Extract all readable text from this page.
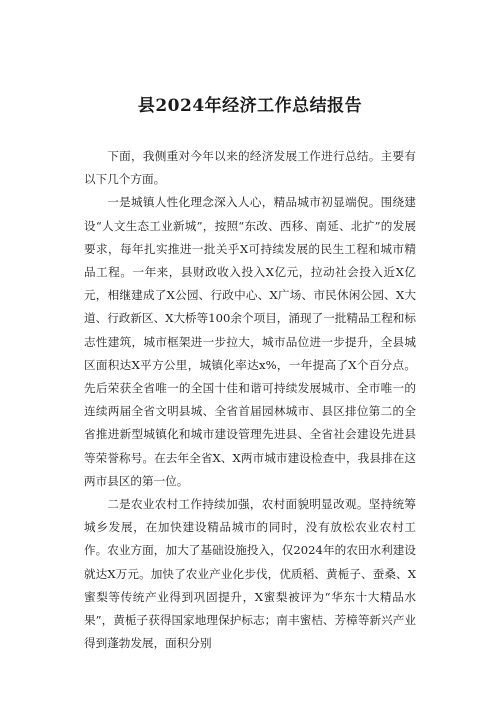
县2024年经济工作总结报告

下面，我侧重对今年以来的经济发展工作进行总结。主要有以下几个方面。

一是城镇人性化理念深入人心，精品城市初显端倪。围绕建设“人文生态工业新城”，按照“东改、西移、南延、北扩”的发展要求，每年扎实推进一批关乎X可持续发展的民生工程和城市精品工程。一年来，县财政收入投入X亿元，拉动社会投入近X亿元，相继建成了X公园、行政中心、X广场、市民休闲公园、X大道、行政新区、X大桥等100余个项目，涌现了一批精品工程和标志性建筑，城市框架进一步拉大，城市品位进一步提升，全县城区面积达X平方公里，城镇化率达x%，一年提高了X个百分点。先后荣获全省唯一的全国十佳和谐可持续发展城市、全市唯一的连续两届全省文明县城、全省首届园林城市、县区排位第二的全省推进新型城镇化和城市建设管理先进县、全省社会建设先进县等荣誉称号。在去年全省X、X两市城市建设检查中，我县排在这两市县区的第一位。

二是农业农村工作持续加强，农村面貌明显改观。坚持统筹城乡发展，在加快建设精品城市的同时，没有放松农业农村工作。农业方面，加大了基础设施投入，仅2024年的农田水利建设就达X万元。加快了农业产业化步伐，优质稻、黄栀子、蚕桑、X蜜梨等传统产业得到巩固提升，X蜜梨被评为“华东十大精品水果”，黄栀子获得国家地理保护标志；南丰蜜桔、芳樟等新兴产业得到蓬勃发展，面积分别
